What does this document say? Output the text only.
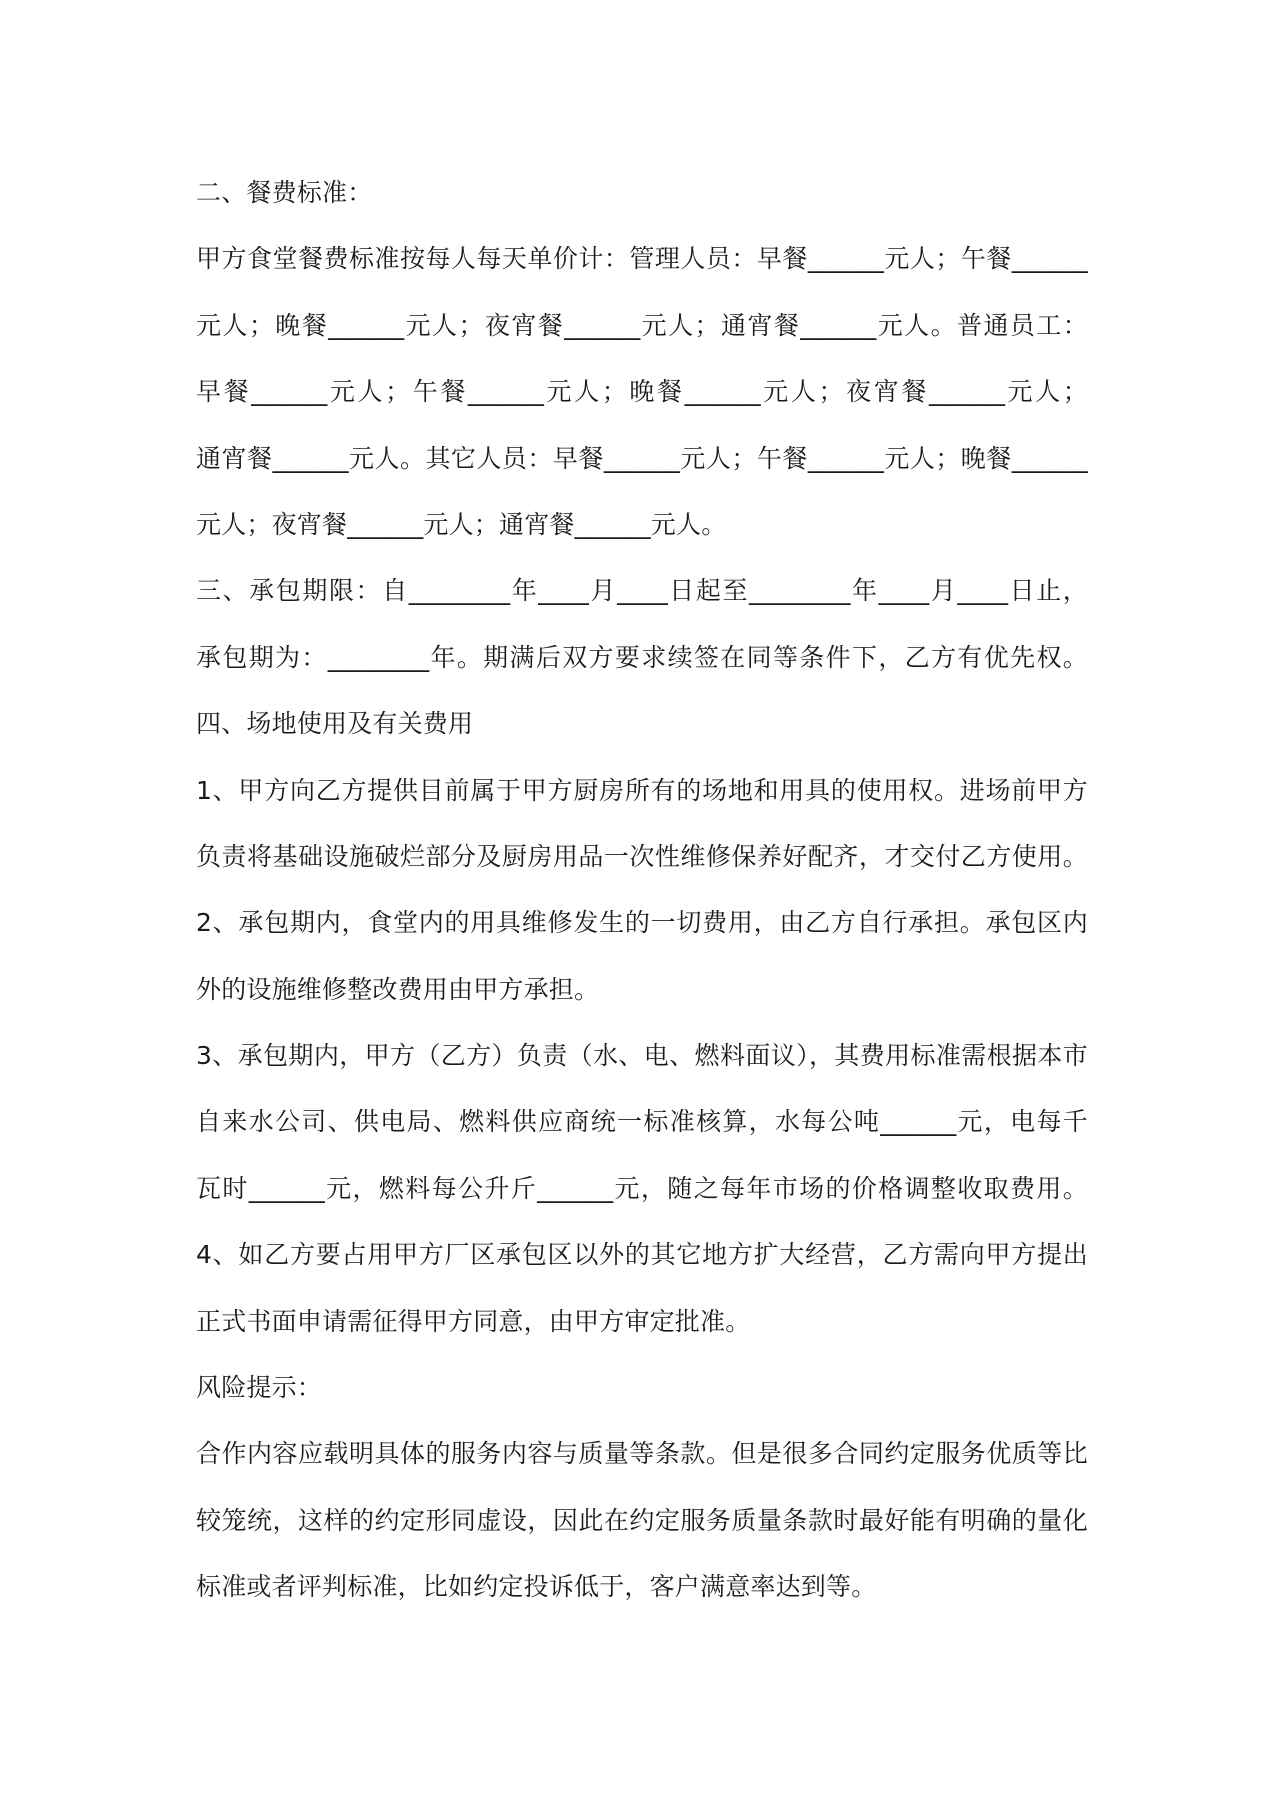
二、餐费标准：
甲方食堂餐费标准按每人每天单价计：管理人员：早餐______元人；午餐______
元人；晚餐______元人；夜宵餐______元人；通宵餐______元人。普通员工：
早餐______元人；午餐______元人；晚餐______元人；夜宵餐______元人；
通宵餐______元人。其它人员：早餐______元人；午餐______元人；晚餐______
元人；夜宵餐______元人；通宵餐______元人。
三、承包期限：自________年____月____日起至________年____月____日止，
承包期为：________年。期满后双方要求续签在同等条件下，乙方有优先权。
四、场地使用及有关费用
1、甲方向乙方提供目前属于甲方厨房所有的场地和用具的使用权。进场前甲方
负责将基础设施破烂部分及厨房用品一次性维修保养好配齐，才交付乙方使用。
2、承包期内，食堂内的用具维修发生的一切费用，由乙方自行承担。承包区内
外的设施维修整改费用由甲方承担。
3、承包期内，甲方（乙方）负责（水、电、燃料面议），其费用标准需根据本市
自来水公司、供电局、燃料供应商统一标准核算，水每公吨______元，电每千
瓦时______元，燃料每公升斤______元，随之每年市场的价格调整收取费用。
4、如乙方要占用甲方厂区承包区以外的其它地方扩大经营，乙方需向甲方提出
正式书面申请需征得甲方同意，由甲方审定批准。
风险提示：
合作内容应载明具体的服务内容与质量等条款。但是很多合同约定服务优质等比
较笼统，这样的约定形同虚设，因此在约定服务质量条款时最好能有明确的量化
标准或者评判标准，比如约定投诉低于，客户满意率达到等。
